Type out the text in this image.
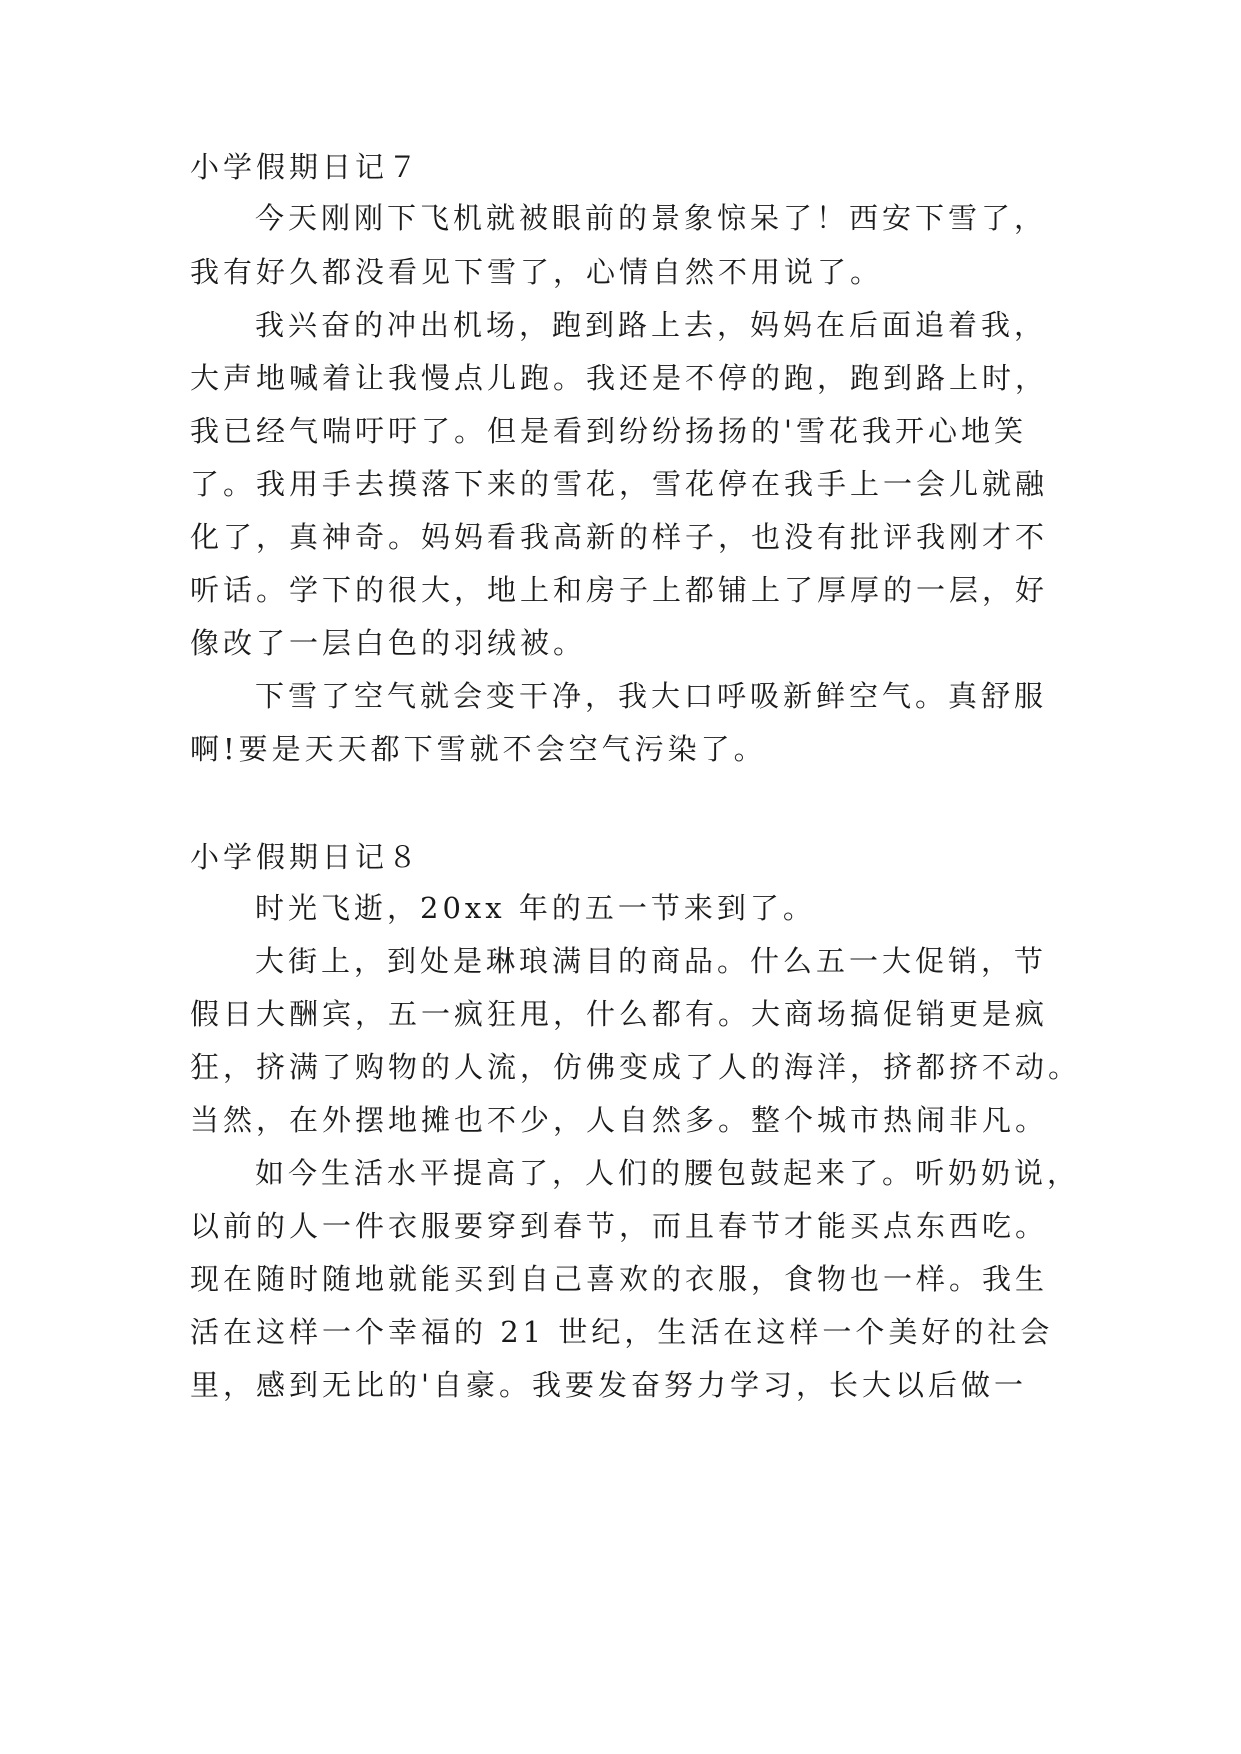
小学假期日记７
今天刚刚下飞机就被眼前的景象惊呆了！西安下雪了，
我有好久都没看见下雪了，心情自然不用说了。
我兴奋的冲出机场，跑到路上去，妈妈在后面追着我，
大声地喊着让我慢点儿跑。我还是不停的跑，跑到路上时，
我已经气喘吁吁了。但是看到纷纷扬扬的'雪花我开心地笑
了。我用手去摸落下来的雪花，雪花停在我手上一会儿就融
化了，真神奇。妈妈看我高新的样子，也没有批评我刚才不
听话。学下的很大，地上和房子上都铺上了厚厚的一层，好
像改了一层白色的羽绒被。
下雪了空气就会变干净，我大口呼吸新鲜空气。真舒服
啊!要是天天都下雪就不会空气污染了。
小学假期日记８
时光飞逝，20xx 年的五一节来到了。
大街上，到处是琳琅满目的商品。什么五一大促销，节
假日大酬宾，五一疯狂甩，什么都有。大商场搞促销更是疯
狂，挤满了购物的人流，仿佛变成了人的海洋，挤都挤不动。
当然，在外摆地摊也不少，人自然多。整个城市热闹非凡。
如今生活水平提高了，人们的腰包鼓起来了。听奶奶说，
以前的人一件衣服要穿到春节，而且春节才能买点东西吃。
现在随时随地就能买到自己喜欢的衣服，食物也一样。我生
活在这样一个幸福的 21 世纪，生活在这样一个美好的社会
里，感到无比的'自豪。我要发奋努力学习，长大以后做一
